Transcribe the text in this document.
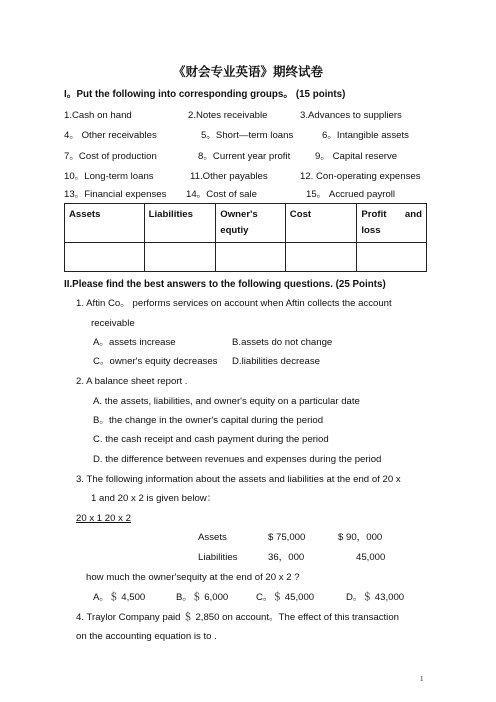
《财会专业英语》期终试卷
I。Put the following into corresponding groups。 (15 points)
1.Cash on hand	2.Notes receivable	3.Advances to suppliers
4。 Other receivables	5。Short—term loans	6。Intangible assets
7。Cost of production	8。Current year profit	9。 Capital reserve
10。Long-term loans	11.Other payables	12. Con-operating expenses
13。Financial expenses 14。Cost of sale	15。 Accrued payroll
Assets	Liabilities	Owner's equtiy	Cost	Profit and loss

II.Please find the best answers to the following questions. (25 Points)
1. Aftin Co。 performs services on account when Aftin collects the account
receivable
A。assets increase	B.assets do not change
C。owner's equity decreases D.liabilities decrease
2. A balance sheet report .
A. the assets, liabilities, and owner's equity on a particular date
B。the change in the owner's capital during the period
C. the cash receipt and cash payment during the period
D. the difference between revenues and expenses during the period
3. The following information about the assets and liabilities at the end of 20 x
1 and 20 x 2 is given below：
20 x 1 20 x 2
Assets	$ 75,000	$ 90，000
Liabilities	36，000	45,000
how much the owner'sequity at the end of 20 x 2 ?
A。＄ 4,500	B。＄ 6,000	C。＄ 45,000	D。＄ 43,000
4. Traylor Company paid ＄ 2,850 on account。The effect of this transaction
on the accounting equation is to .
1
